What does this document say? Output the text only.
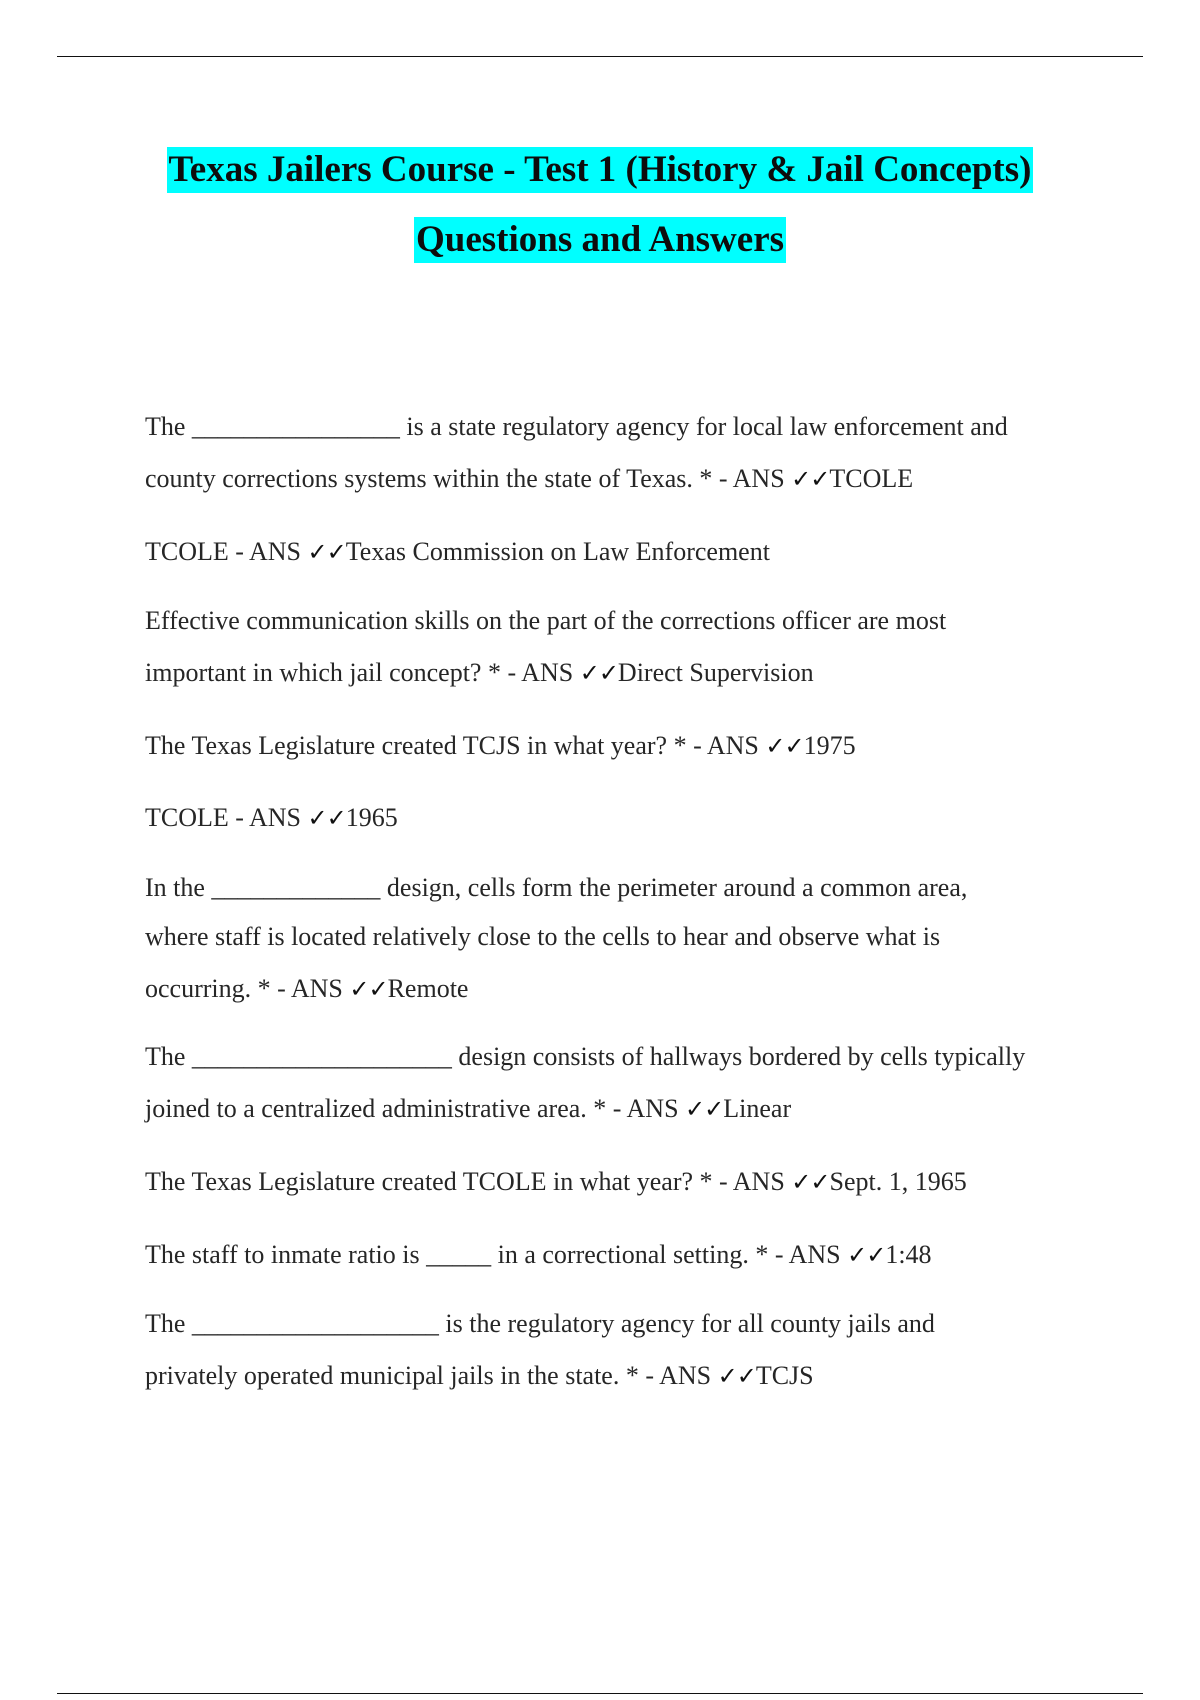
Texas Jailers Course - Test 1 (History & Jail Concepts)
Questions and Answers
The ________________ is a state regulatory agency for local law enforcement and
county corrections systems within the state of Texas. * - ANS ✓✓TCOLE
TCOLE - ANS ✓✓Texas Commission on Law Enforcement
Effective communication skills on the part of the corrections officer are most
important in which jail concept? * - ANS ✓✓Direct Supervision
The Texas Legislature created TCJS in what year? * - ANS ✓✓1975
TCOLE - ANS ✓✓1965
In the _____________ design, cells form the perimeter around a common area,
where staff is located relatively close to the cells to hear and observe what is
occurring. * - ANS ✓✓Remote
The ____________________ design consists of hallways bordered by cells typically
joined to a centralized administrative area. * - ANS ✓✓Linear
The Texas Legislature created TCOLE in what year? * - ANS ✓✓Sept. 1, 1965
The staff to inmate ratio is _____ in a correctional setting. * - ANS ✓✓1:48
The ___________________ is the regulatory agency for all county jails and
privately operated municipal jails in the state. * - ANS ✓✓TCJS
